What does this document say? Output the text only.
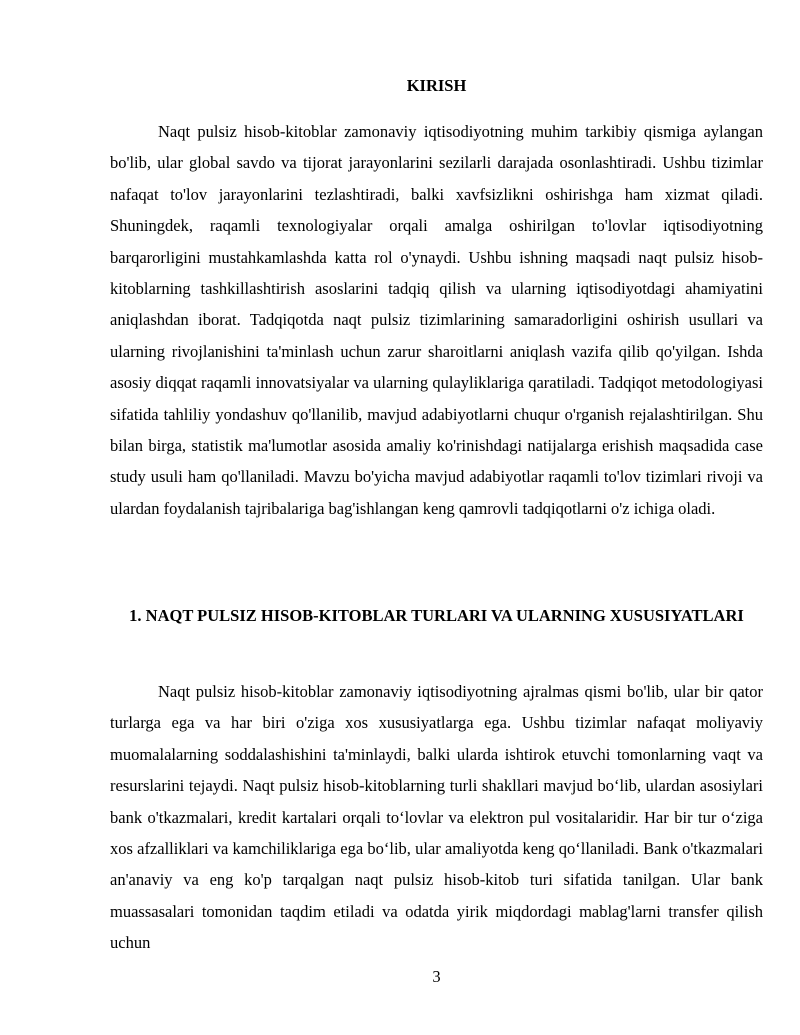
KIRISH

Naqt pulsiz hisob-kitoblar zamonaviy iqtisodiyotning muhim tarkibiy qismiga aylangan bo'lib, ular global savdo va tijorat jarayonlarini sezilarli darajada osonlashtiradi. Ushbu tizimlar nafaqat to'lov jarayonlarini tezlashtiradi, balki xavfsizlikni oshirishga ham xizmat qiladi. Shuningdek, raqamli texnologiyalar orqali amalga oshirilgan to'lovlar iqtisodiyotning barqarorligini mustahkamlashda katta rol o'ynaydi. Ushbu ishning maqsadi naqt pulsiz hisob-kitoblarning tashkillashtirish asoslarini tadqiq qilish va ularning iqtisodiyotdagi ahamiyatini aniqlashdan iborat. Tadqiqotda naqt pulsiz tizimlarining samaradorligini oshirish usullari va ularning rivojlanishini ta'minlash uchun zarur sharoitlarni aniqlash vazifa qilib qo'yilgan. Ishda asosiy diqqat raqamli innovatsiyalar va ularning qulayliklariga qaratiladi. Tadqiqot metodologiyasi sifatida tahliliy yondashuv qo'llanilib, mavjud adabiyotlarni chuqur o'rganish rejalashtirilgan. Shu bilan birga, statistik ma'lumotlar asosida amaliy ko'rinishdagi natijalarga erishish maqsadida case study usuli ham qo'llaniladi. Mavzu bo'yicha mavjud adabiyotlar raqamli to'lov tizimlari rivoji va ulardan foydalanish tajribalariga bag'ishlangan keng qamrovli tadqiqotlarni o'z ichiga oladi.

1. NAQT PULSIZ HISOB-KITOBLAR TURLARI VA ULARNING XUSUSIYATLARI

Naqt pulsiz hisob-kitoblar zamonaviy iqtisodiyotning ajralmas qismi bo'lib, ular bir qator turlarga ega va har biri o'ziga xos xususiyatlarga ega. Ushbu tizimlar nafaqat moliyaviy muomalalarning soddalashishini ta'minlaydi, balki ularda ishtirok etuvchi tomonlarning vaqt va resurslarini tejaydi. Naqt pulsiz hisob-kitoblarning turli shakllari mavjud bo‘lib, ulardan asosiylari bank o'tkazmalari, kredit kartalari orqali to‘lovlar va elektron pul vositalaridir. Har bir tur o‘ziga xos afzalliklari va kamchiliklariga ega bo‘lib, ular amaliyotda keng qo‘llaniladi. Bank o'tkazmalari an'anaviy va eng ko'p tarqalgan naqt pulsiz hisob-kitob turi sifatida tanilgan. Ular bank muassasalari tomonidan taqdim etiladi va odatda yirik miqdordagi mablag'larni transfer qilish uchun

3
